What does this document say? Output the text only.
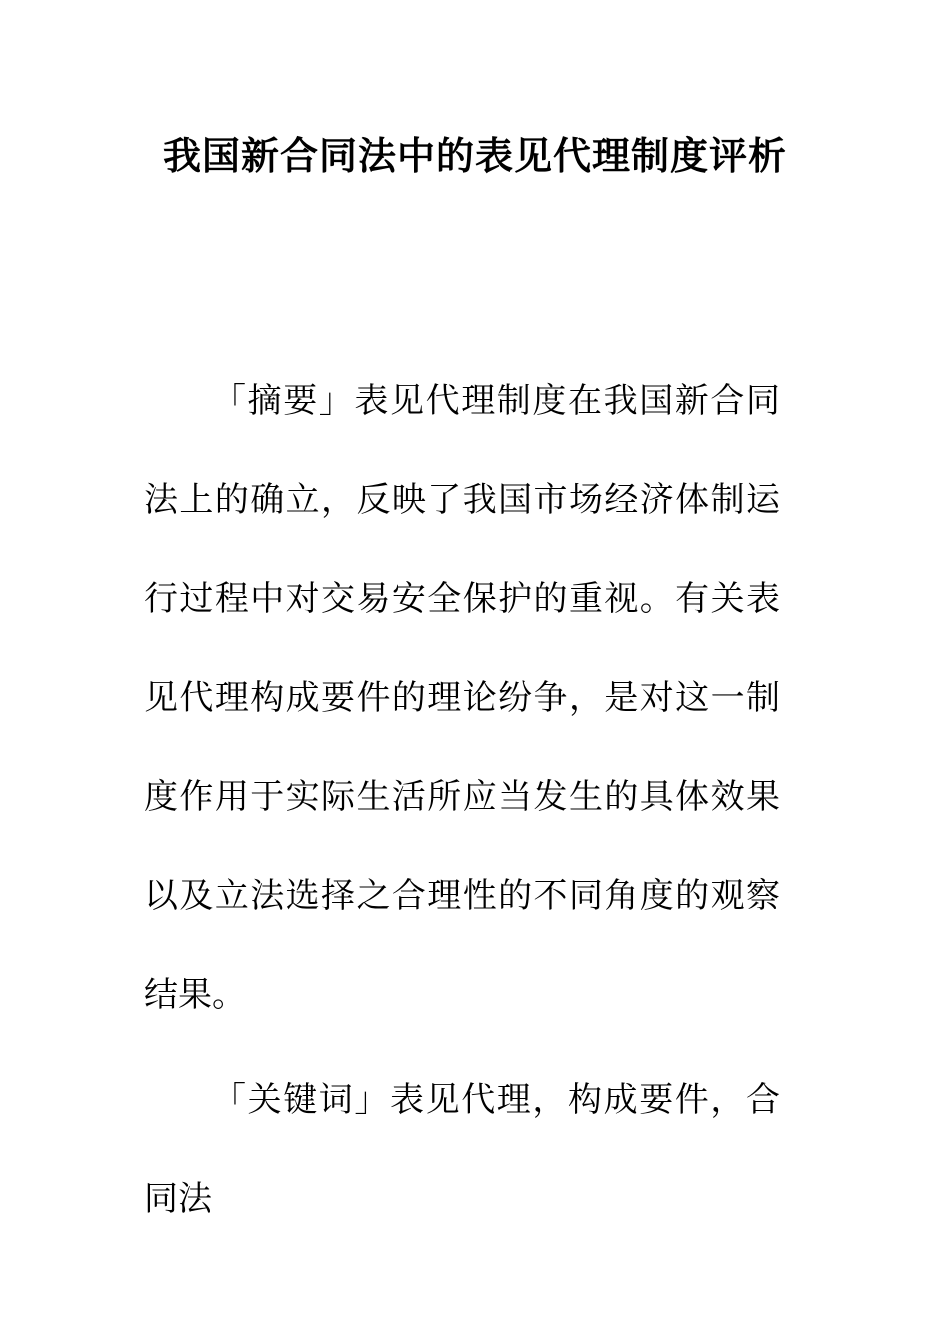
我国新合同法中的表见代理制度评析

「摘要」表见代理制度在我国新合同法上的确立，反映了我国市场经济体制运行过程中对交易安全保护的重视。有关表见代理构成要件的理论纷争，是对这一制度作用于实际生活所应当发生的具体效果以及立法选择之合理性的不同角度的观察结果。

「关键词」表见代理，构成要件，合同法
